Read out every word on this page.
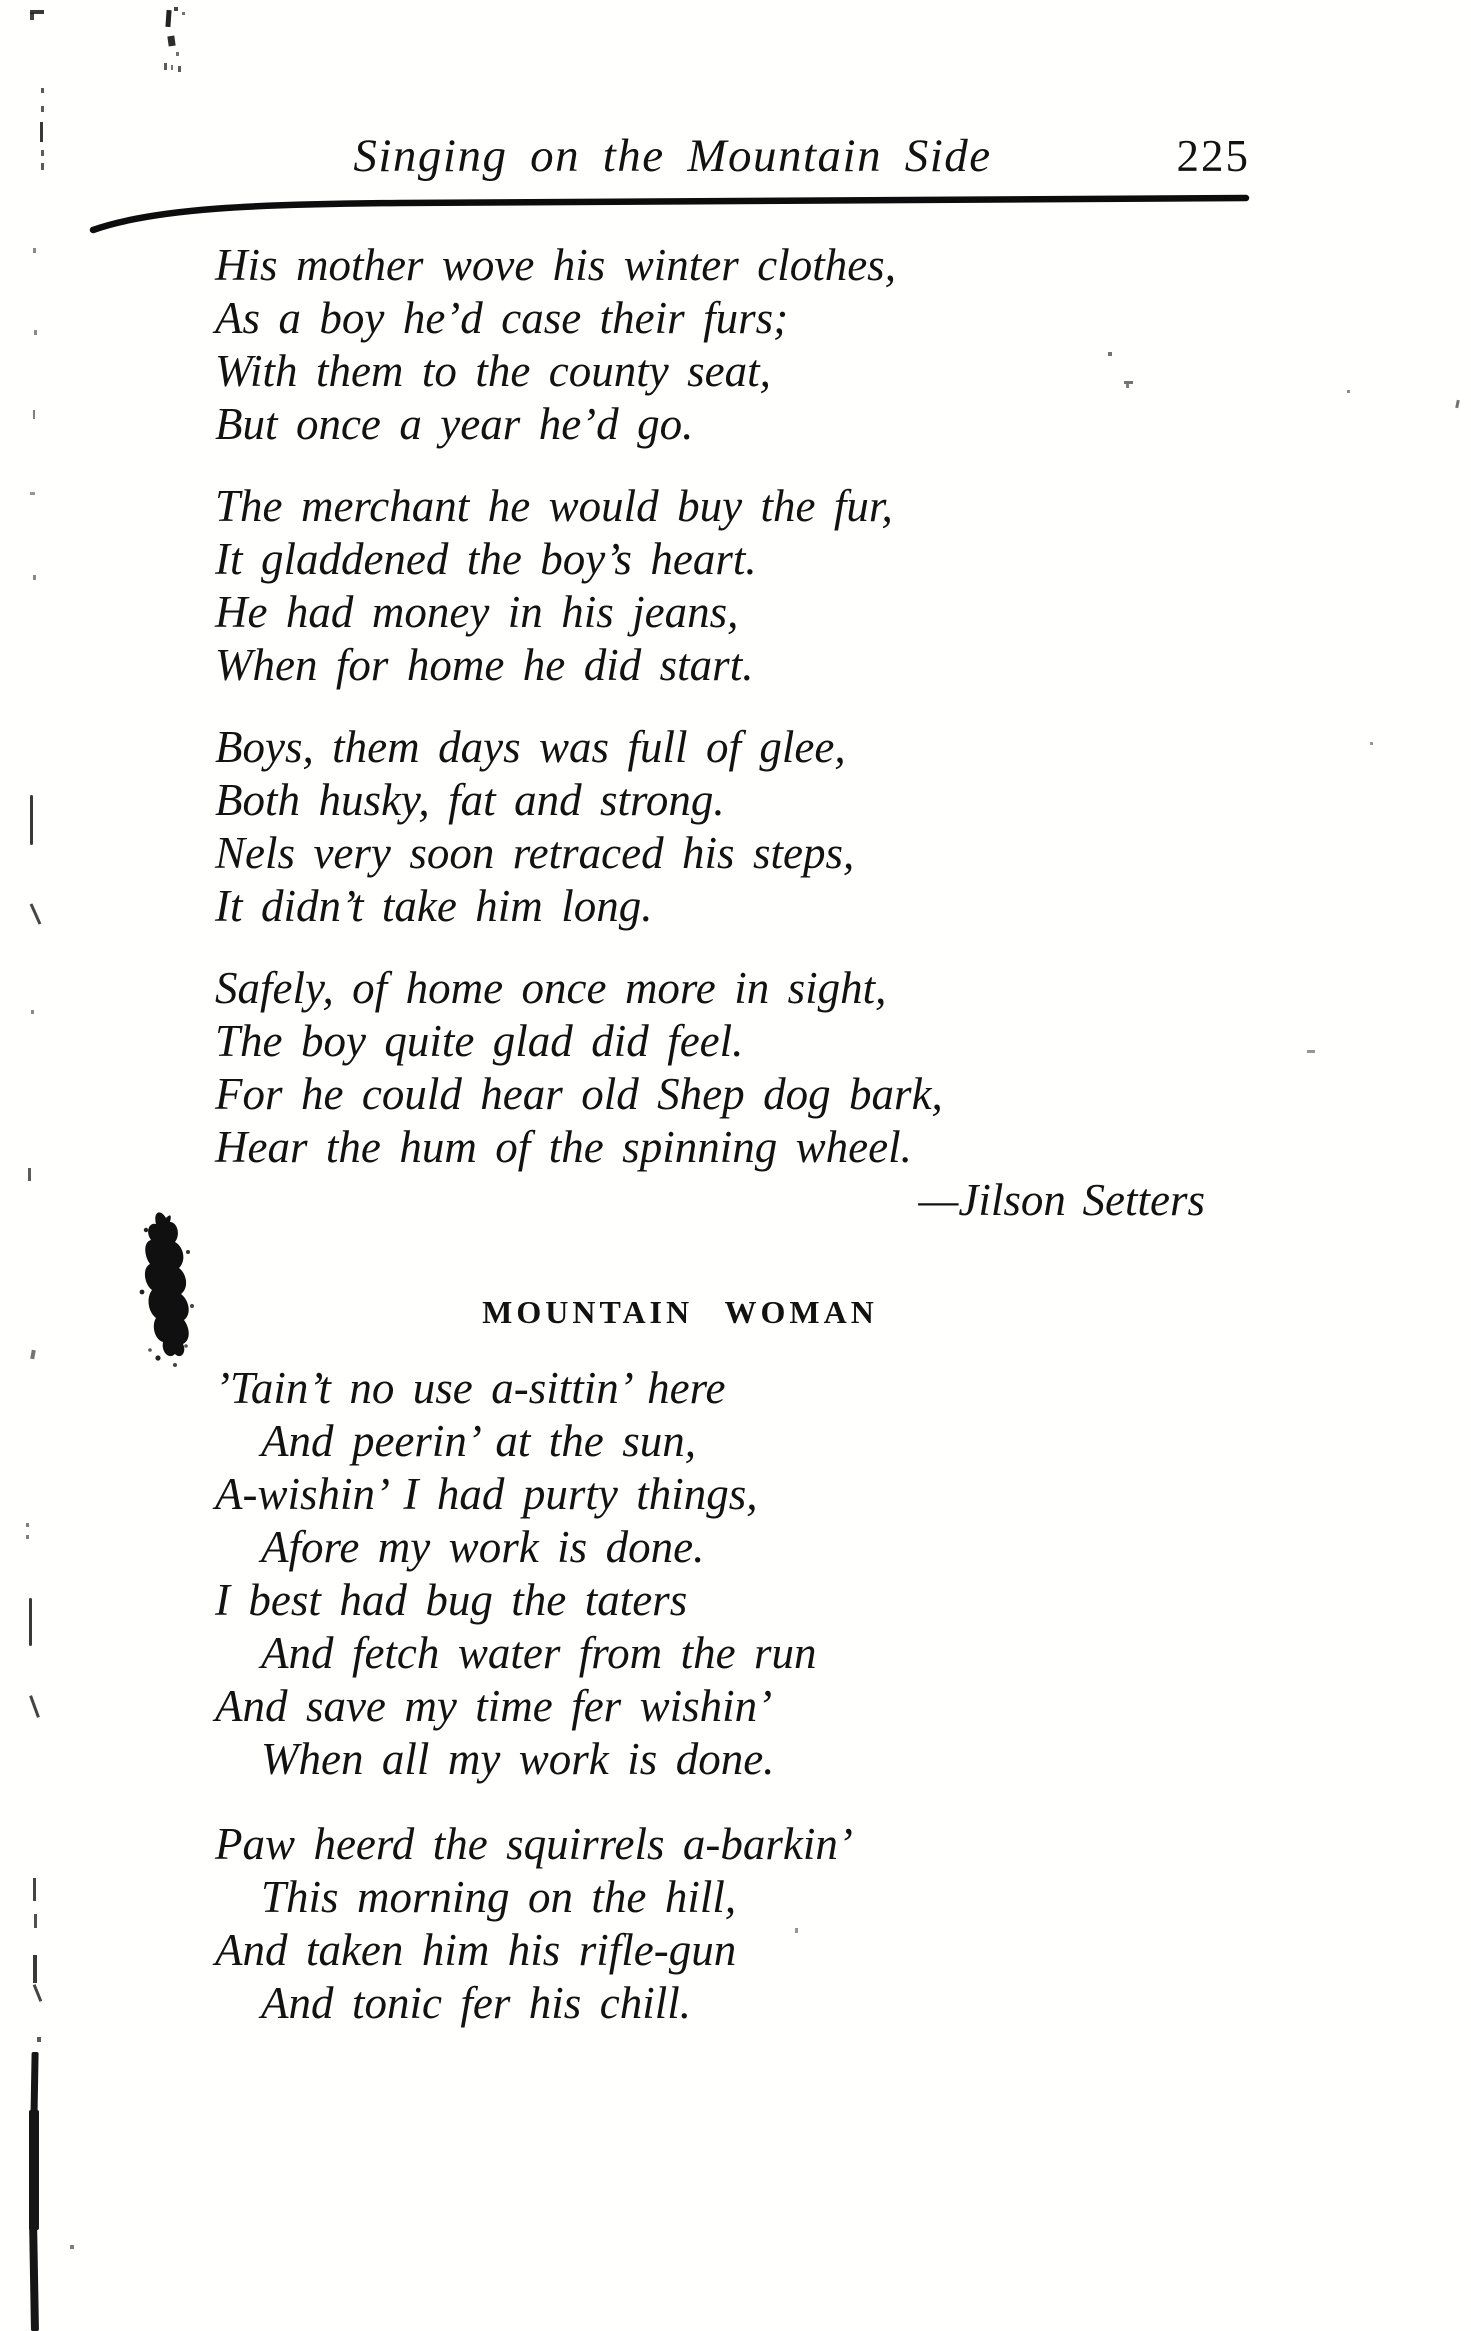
Singing on the Mountain Side	225
His mother wove his winter clothes,
As a boy he’d case their furs;
With them to the county seat,
But once a year he’d go.
The merchant he would buy the fur,
It gladdened the boy’s heart.
He had money in his jeans,
When for home he did start.
Boys, them days was full of glee,
Both husky, fat and strong.
Nels very soon retraced his steps,
It didn’t take him long.
Safely, of home once more in sight,
The boy quite glad did feel.
For he could hear old Shep dog bark,
Hear the hum of the spinning wheel.
—Jilson Setters
MOUNTAIN WOMAN
’Tain’t no use a-sittin’ here
And peerin’ at the sun,
A-wishin’ I had purty things,
Afore my work is done.
I best had bug the taters
And fetch water from the run
And save my time fer wishin’
When all my work is done.
Paw heerd the squirrels a-barkin’
This morning on the hill,
And taken him his rifle-gun
And tonic fer his chill.
